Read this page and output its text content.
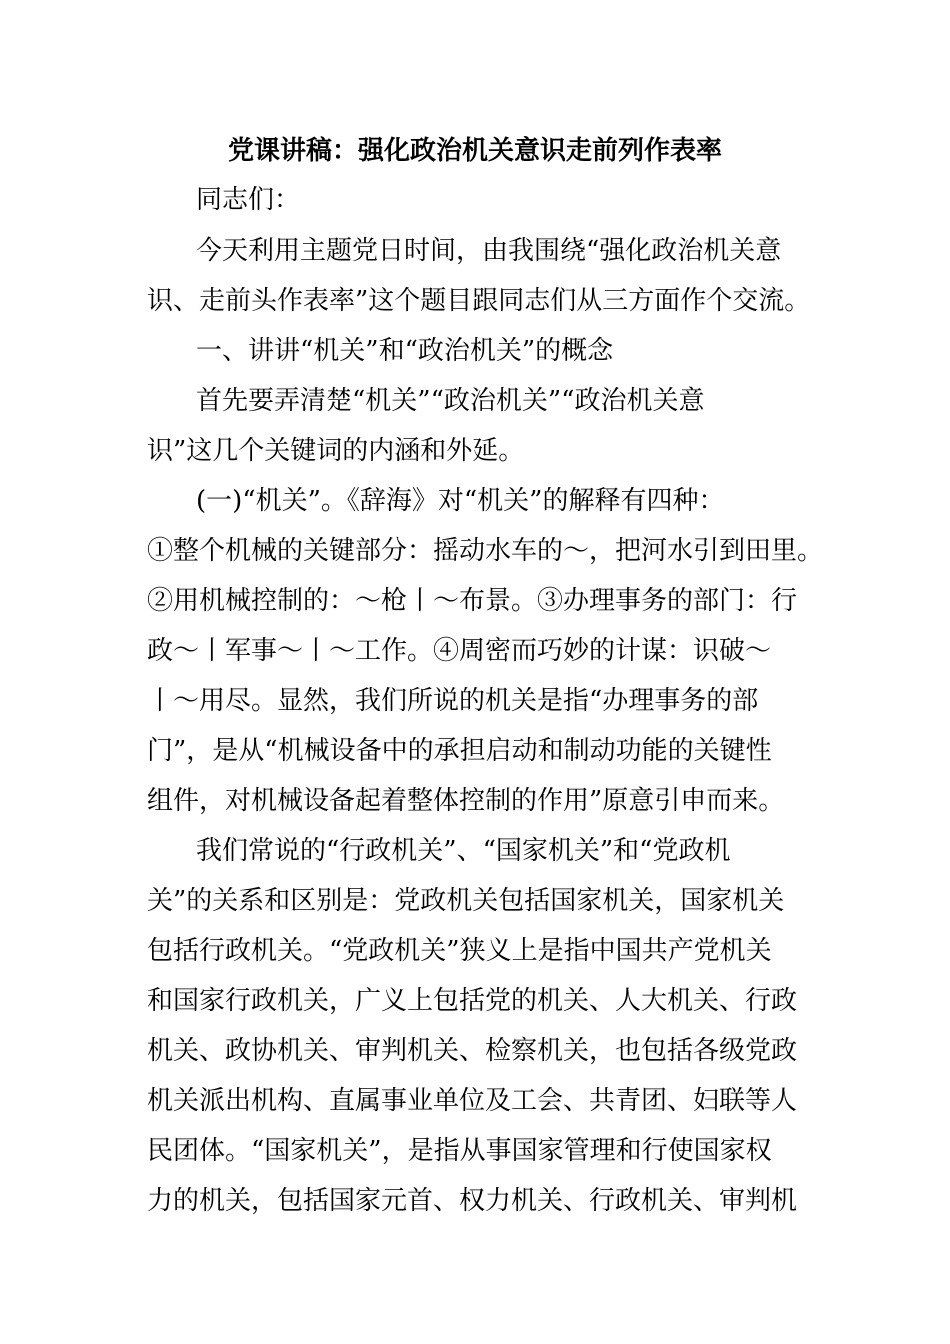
党课讲稿：强化政治机关意识走前列作表率

同志们：

今天利用主题党日时间，由我围绕“强化政治机关意

识、走前头作表率”这个题目跟同志们从三方面作个交流。

一、讲讲“机关”和“政治机关”的概念

首先要弄清楚“机关”“政治机关”“政治机关意

识”这几个关键词的内涵和外延。

(一)“机关”。《辞海》对“机关”的解释有四种：

①整个机械的关键部分：摇动水车的～，把河水引到田里。

②用机械控制的：～枪丨～布景。③办理事务的部门：行

政～丨军事～丨～工作。④周密而巧妙的计谋：识破～

丨～用尽。显然，我们所说的机关是指“办理事务的部

门”，是从“机械设备中的承担启动和制动功能的关键性

组件，对机械设备起着整体控制的作用”原意引申而来。

我们常说的“行政机关”、“国家机关”和“党政机

关”的关系和区别是：党政机关包括国家机关，国家机关

包括行政机关。“党政机关”狭义上是指中国共产党机关

和国家行政机关，广义上包括党的机关、人大机关、行政

机关、政协机关、审判机关、检察机关，也包括各级党政

机关派出机构、直属事业单位及工会、共青团、妇联等人

民团体。“国家机关”，是指从事国家管理和行使国家权

力的机关，包括国家元首、权力机关、行政机关、审判机
